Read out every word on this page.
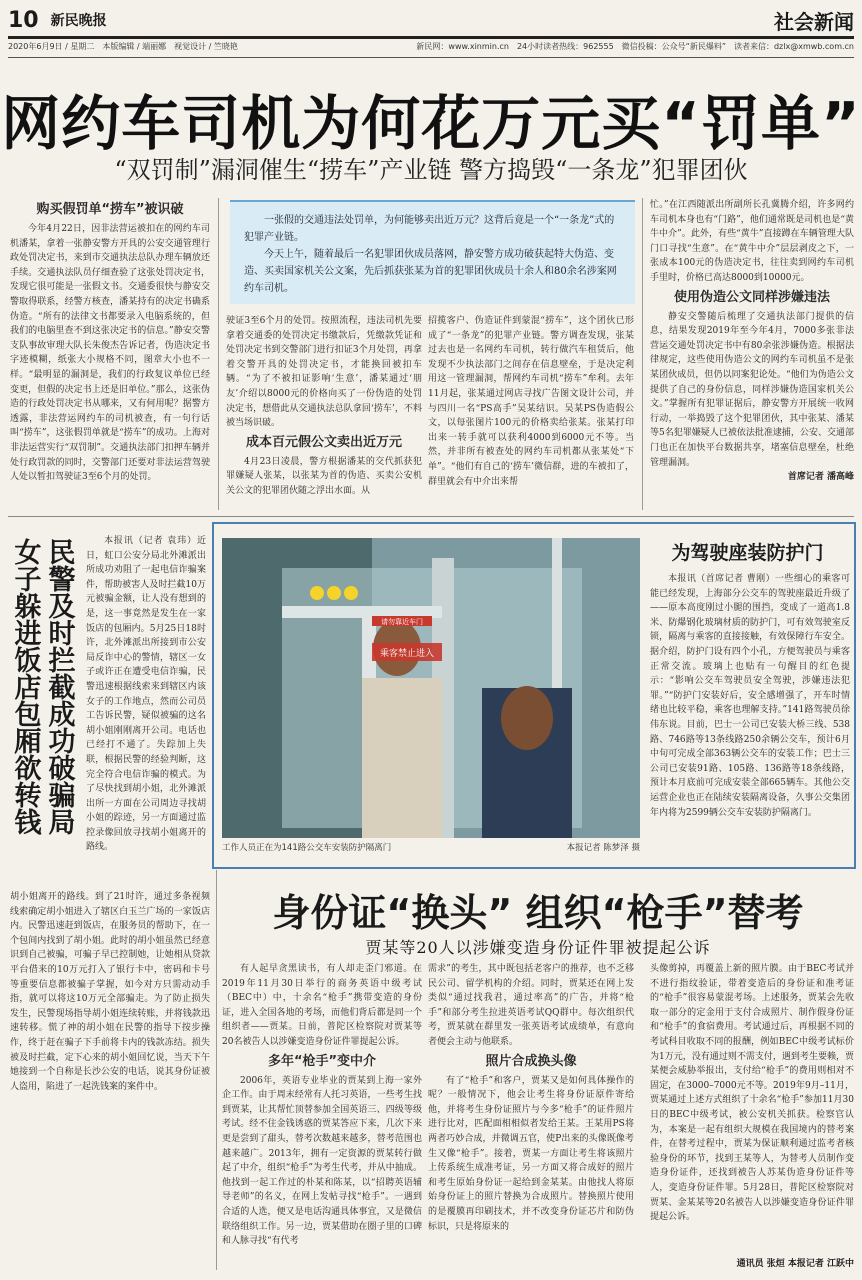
10 新民晚报	社会新闻
2020年6月9日 / 星期二　本版编辑 / 端丽娜　视觉设计 / 竺晓艳	新民网：www.xinmin.cn　24小时读者热线：962555　微信投稿：公众号“新民爆料”　读者来信：dzlx@xmwb.com.cn
网约车司机为何花万元买“罚单”
“双罚制”漏洞催生“捞车”产业链 警方捣毁“一条龙”犯罪团伙

一张假的交通违法处罚单，为何能够卖出近万元？这背后竟是一个“一条龙”式的犯罪产业链。

今天上午，随着最后一名犯罪团伙成员落网，静安警方成功破获起特大伪造、变造、买卖国家机关公文案，先后抓获张某为首的犯罪团伙成员十余人和80余名涉案网约车司机。

购买假罚单“捞车”被识破

今年4月22日，因非法营运被扣在的网约车司机潘某，拿着一张静安警方开具的公安交通管理行政处罚决定书，来到市交通执法总队办理车辆放还手续。交通执法队员仔细查验了这张处罚决定书，发现它很可能是一张假文书。交通委很快与静安交警取得联系，经警方核查，潘某持有的决定书确系伪造。“所有的法律文书都要录入电脑系统的，但我们的电脑里查不到这张决定书的信息。”静安交警支队事故审理大队长朱俊杰告诉记者，伪造决定书字迹模糊，纸张大小规格不同，图章大小也不一样。“最明显的漏洞是，我们的行政复议单位已经变更，但假的决定书上还是旧单位。”那么，这张伪造的行政处罚决定书从哪来，又有何用呢？据警方透露，非法营运网约车的司机被查，有一句行话叫“捞车”，这张假罚单就是“捞车”的成功。上海对非法运营实行“双罚制”。交通执法部门扣押车辆并处行政罚款的同时，交警部门还要对非法运营驾驶人处以暂扣驾驶证3至6个月的处罚。

驶证3至6个月的处罚。按照流程，违法司机先要拿着交通委的处罚决定书缴款后，凭缴款凭证和处罚决定书到交警部门进行扣证3个月处罚，再拿着交警开具的处罚决定书，才能换回被扣车辆。“为了不被扣证影响‘生意’，潘某通过‘朋友’介绍以8000元的价格向买了一份伪造的处罚决定书，想借此从交通执法总队拿回‘捞车’，不料被当场识破。

成本百元假公文卖出近万元

4月23日凌晨，警方根据潘某的交代抓获犯罪嫌疑人张某，以张某为首的伪造、买卖公安机关公文的犯罪团伙随之浮出水面。从

招揽客户、伪造证件到蒙混“捞车”，这个团伙已形成了“一条龙”的犯罪产业链。警方调查发现，张某过去也是一名网约车司机，转行做汽车租赁后，他发现不少执法部门之间存在信息壁垒，于是决定利用这一管理漏洞，帮网约车司机“捞车”牟利。去年11月起，张某通过网店寻找广告图文设计公司，并与四川一名“PS高手”吴某结识。吴某PS伪造假公文，以每张图片100元的价格卖给张某。张某打印出来一转手就可以获利4000到6000元不等。当然，并非所有被查处的网约车司机都从张某处“下单”。“他们有自己的‘捞车’微信群，进的车被扣了，群里就会有中介出来帮

忙。”在江西随派出所副所长孔冀腾介绍，许多网约车司机本身也有“门路”，他们通常既是司机也是“黄牛中介”。此外，有些“黄牛”直接蹲在车辆管理大队门口寻找“生意”。在“黄牛中介”层层剥皮之下，一张成本100元的伪造决定书，往往卖到网约车司机手里时，价格已高达8000到10000元。

使用伪造公文同样涉嫌违法

静安交警随后梳理了交通执法部门提供的信息，结果发现2019年至今年4月，7000多张非法营运交通处罚决定书中有80余张涉嫌伪造。根据法律规定，这些使用伪造公文的网约车司机虽不是张某团伙成员，但仍以同案犯论处。“他们为伪造公文提供了自己的身份信息，同样涉嫌伪造国家机关公文。”掌握所有犯罪证据后，静安警方开展统一收网行动，一举捣毁了这个犯罪团伙，其中张某、潘某等5名犯罪嫌疑人已被依法批准逮捕，公安、交通部门也正在加快平台数据共享，堵塞信息壁垒，杜绝管理漏洞。

首席记者 潘高峰

民警及时拦截成功破骗局
女子躲进饭店包厢欲转钱	本报讯（记者 袁玮）近日，虹口公安分局北外滩派出所成功劝阻了一起电信诈骗案件，帮助被害人及时拦截10万元被骗金额，让人没有想到的是，这一事竟然是发生在一家饭店的包厢内。5月25日18时许，北外滩派出所接到市公安局反诈中心的警情，辖区一女子或许正在遭受电信诈骗，民警迅速根据线索来到辖区内该女子的工作地点，然而公司员工告诉民警，疑似被骗的这名胡小姐刚刚离开公司。电话也已经打不通了。失踪加上失联，根据民警的经验判断，这完全符合电信诈骗的模式。为了尽快找到胡小姐，北外滩派出所一方面在公司周边寻找胡小姐的踪迹，另一方面通过监控录像回放寻找胡小姐离开的路线。

胡小姐离开的路线。到了21时许，通过多条视频线索确定胡小姐进入了辖区白玉兰广场的一家饭店内。民警迅速赶到饭店，在服务员的帮助下，在一个包间内找到了胡小姐。此时的胡小姐虽然已经意识到自己被骗，可骗子早已控制她，让她相从贷款平台借来的10万元打入了银行卡中，密码和卡号等重要信息都被骗子掌握，如今对方只需动动手指，就可以将这10万元全部骗走。为了防止损失发生，民警现场指导胡小姐连续转账，并将钱款迅速转移。慌了神的胡小姐在民警的指导下按步操作，终于赶在骗子下手前将卡内的钱款冻结。损失被及时拦截，定下心来的胡小姐回忆说，当天下午她接到一个自称是长沙公安的电话，说其身份证被人盗用，陷进了一起洗钱案的案件中。

乘客禁止进入
请勿靠近车门
工作人员正在为141路公交车安装防护隔离门	本报记者 陈梦泽 摄
为驾驶座装防护门

本报讯（首席记者 曹刚）一些细心的乘客可能已经发现，上海部分公交车的驾驶座最近升级了——原本高度刚过小腿的围挡，变成了一道高1.8米、防爆钢化玻璃材质的防护门，可有效驾驶室反锁，隔离与乘客的直接接触，有效保障行车安全。据介绍，防护门设有四个小孔，方便驾驶员与乘客正常交流。玻璃上也贴有一句醒目的红色提示：“影响公交车驾驶员安全驾驶，涉嫌违法犯罪。”“防护门安装好后，安全感增强了，开车时情绪也比较平稳，乘客也理解支持。”141路驾驶员徐伟东说。目前，巴士一公司已安装大桥三线、538路、746路等13条线路250余辆公交车，预计6月中旬可完成全部363辆公交车的安装工作；巴士三公司已安装91路、105路、136路等18条线路，预计本月底前可完成安装全部665辆车。其他公交运营企业也正在陆续安装隔离设备，久事公交集团年内将为2599辆公交车安装防护隔离门。

身份证“换头” 组织“枪手”替考
贾某等20人以涉嫌变造身份证件罪被提起公诉

有人起早贪黑读书，有人却走歪门邪道。在2019年11月30日举行的商务英语中级考试（BEC中）中，十余名“枪手”携带变造的身份证，进入全国各地的考场，而他们背后都是同一个组织者——贾某。日前，普陀区检察院对贾某等20名被告人以涉嫌变造身份证件罪提起公诉。

多年“枪手”变中介

2006年，英语专业毕业的贾某到上海一家外企工作。由于周末经常有人托习英语，一些考生找到贾某，让其帮忙顶替参加全国英语三、四级等级考试。经不住金钱诱惑的贾某答应下来，几次下来更是尝到了甜头，替考次数越来越多，替考范围也越来越广。2013年，拥有一定资源的贾某转行做起了中介，组织“枪手”为考生代考，并从中抽成。他找到一起工作过的朴某和陈某，以“招聘英语辅导老师”的名义，在网上发帖寻找“枪手”。一遇到合适的人选，便又是电话沟通具体事宜，又是微信联络组织工作。另一边，贾某借助在圈子里的口碑和人脉寻找“有代考

需求”的考生，其中既包括老客户的推荐，也不乏移民公司、留学机构的介绍。同时，贾某还在网上发类似“通过找我君，通过率高”的广告，并将“枪手”和部分考生拉进英语考试QQ群中。每次组织代考，贾某就在群里发一张英语考试成绩单，有意向者便会主动与他联系。

照片合成换头像

有了“枪手”和客户，贾某又是如何具体操作的呢？一般情况下，他会让考生将身份证原件寄给他，并将考生身份证照片与今多“枪手”的证件照片进行比对，匹配面相相似者发给王某。王某用PS将两者巧妙合成，并微调五官，使P出来的头像既像考生又像“枪手”。接着，贾某一方面让考生将该照片上传系统生成准考证，另一方面又将合成好的照片和考生原始身份证一起给到金某某。由他找人将原始身份证上的照片替换为合成照片。替换照片使用的是覆膜再印刷技术，并不改变身份证芯片和防伪标识，只是将原来的

头像剪掉，再覆盖上新的照片膜。由于BEC考试并不进行指纹验证，带着变造后的身份证和准考证的“枪手”很容易蒙混考场。上述服务，贾某会先收取一部分的定金用于支付合成照片、制作假身份证和“枪手”的食宿费用。考试通过后，再根据不同的考试科目收取不同的报酬，例如BEC中级考试标价为1万元，没有通过则不需支付，遇到考生要赖，贾某便会威胁举报出，支付给“枪手”的费用则相对不固定，在3000–7000元不等。2019年9月–11月，贾某通过上述方式组织了十余名“枪手”参加11月30日的BEC中级考试，被公安机关抓获。检察官认为，本案是一起有组织大规模在我国境内的替考案件，在替考过程中，贾某为保证顺利通过监考者核验身份的环节，找到王某等人，为替考人员制作变造身份证件，还找到被告人苏某伪造身份证件等人，变造身份证件罪。5月28日，普陀区检察院对贾某、金某某等20名被告人以涉嫌变造身份证件罪提起公诉。

通讯员 张烜 本报记者 江跃中
